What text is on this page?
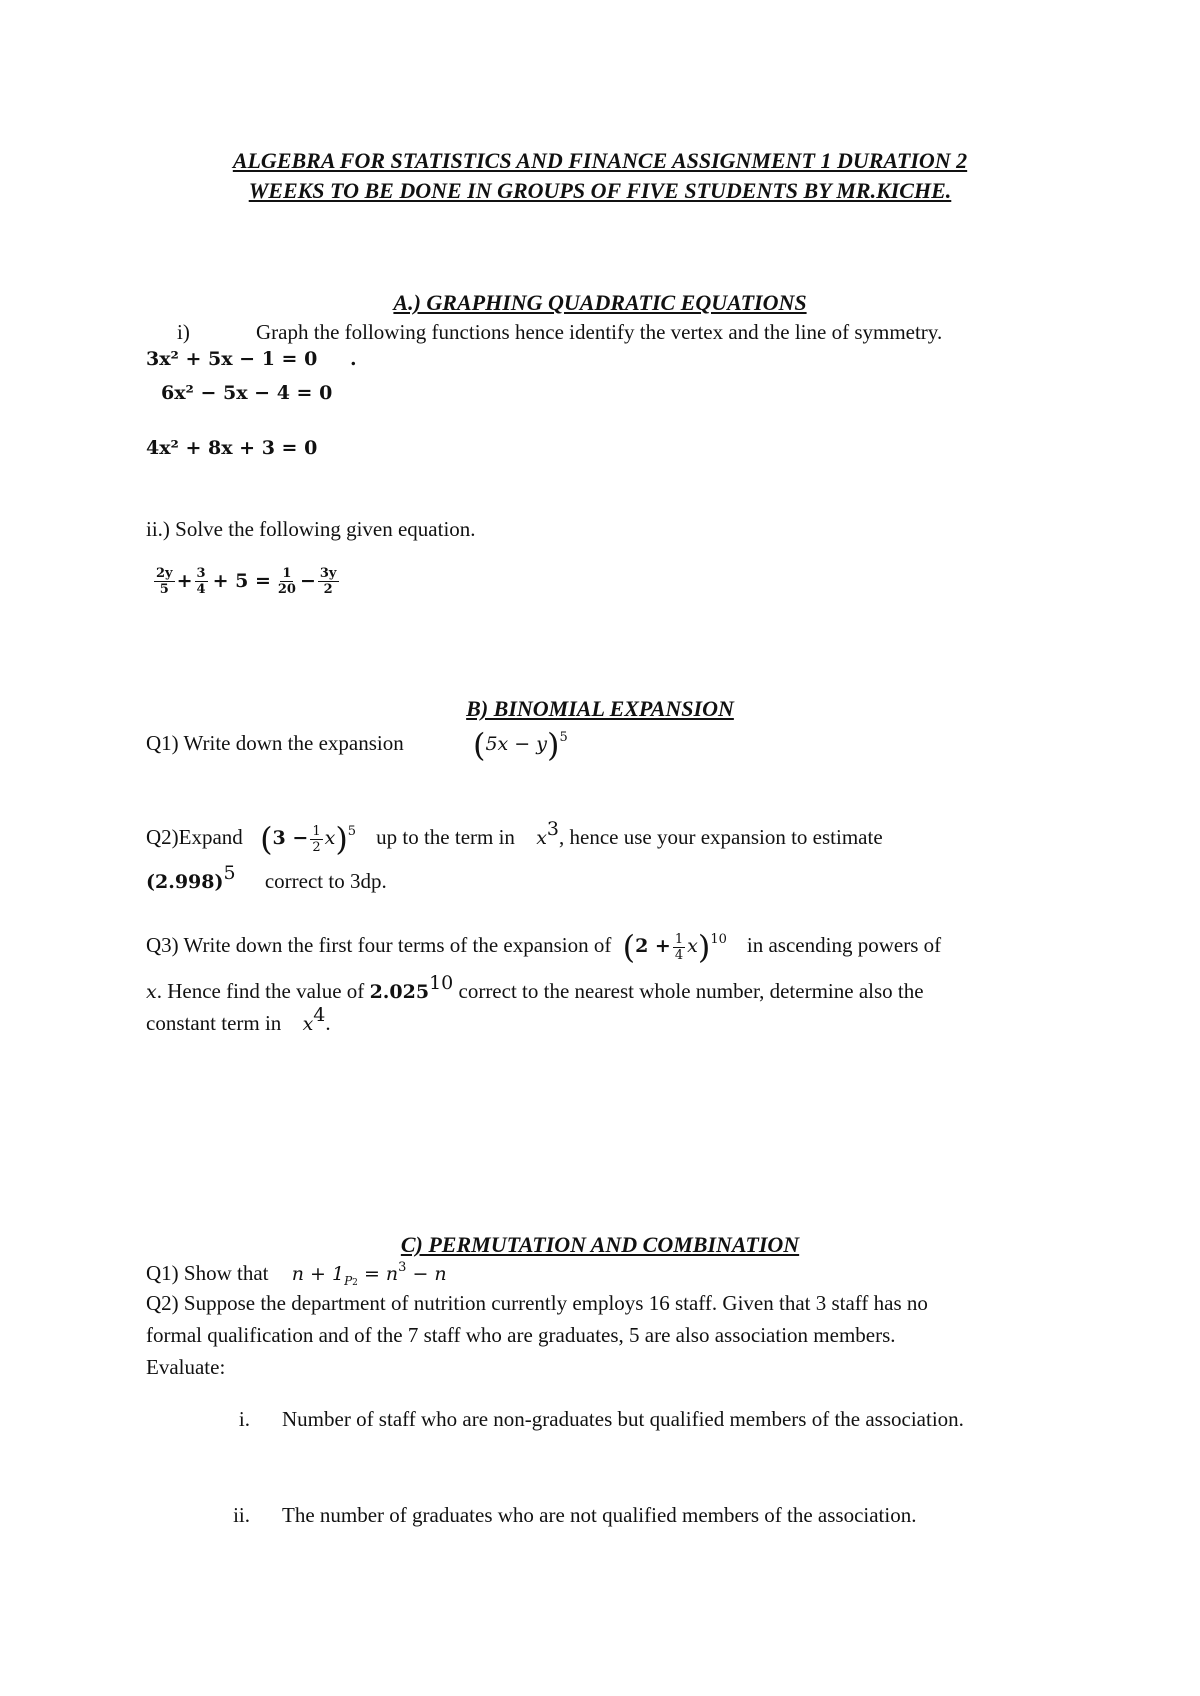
ALGEBRA FOR STATISTICS AND FINANCE ASSIGNMENT 1 DURATION 2
WEEKS TO BE DONE IN GROUPS OF FIVE STUDENTS BY MR.KICHE.
A.) GRAPHING QUADRATIC EQUATIONS
i)	Graph the following functions hence identify the vertex and the line of symmetry.
3x² + 5x − 1 = 0 .
6x² − 5x − 4 = 0
4x² + 8x + 3 = 0
ii.) Solve the following given equation.
$\frac{2y}{5} + \frac{3}{4} + 5 = \frac{1}{20} - \frac{3y}{2}$
B) BINOMIAL EXPANSION
Q1) Write down the expansion $(5x - y)^5$
Q2)Expand $(3 - \frac{1}{2} x)^5$ up to the term in $x^3$, hence use your expansion to estimate
$(2.998)^5$ correct to 3dp.
Q3) Write down the first four terms of the expansion of $(2 + \frac{1}{4} x)^{10}$ in ascending powers of
x. Hence find the value of 2.025$^{10}$ correct to the nearest whole number, determine also the
constant term in $x^4$.
C) PERMUTATION AND COMBINATION
Q1) Show that $n + 1_{P2} = n^3 - n$
Q2) Suppose the department of nutrition currently employs 16 staff. Given that 3 staff has no
formal qualification and of the 7 staff who are graduates, 5 are also association members.
Evaluate:
i. Number of staff who are non-graduates but qualified members of the association.
ii. The number of graduates who are not qualified members of the association.
